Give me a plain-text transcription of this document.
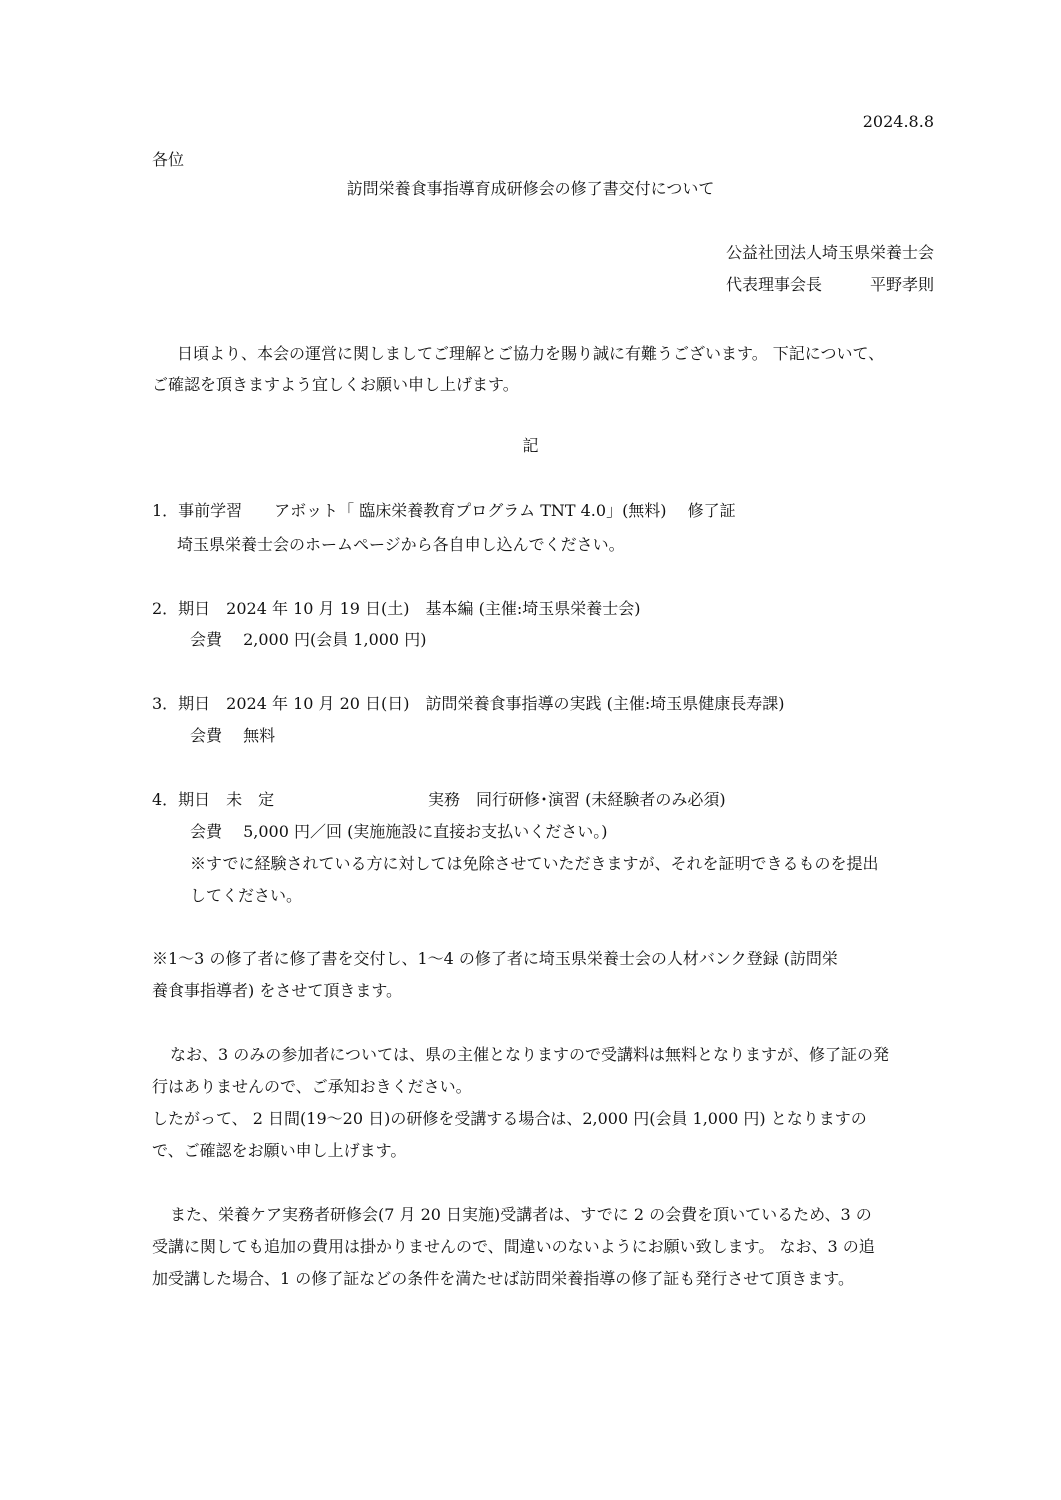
2024.8.8
各位
訪問栄養食事指導育成研修会の修了書交付について
公益社団法人埼玉県栄養士会
代表理事会長　　　平野孝則
日頃より、本会の運営に関しましてご理解とご協力を賜り誠に有難うございます。 下記について、
ご確認を頂きますよう宜しくお願い申し上げます。
記
1．事前学習　　アボット「 臨床栄養教育プログラム TNT 4.0」(無料)　 修了証
埼玉県栄養士会のホームページから各自申し込んでください。
2．期日　2024 年 10 月 19 日(土)　基本編 (主催:埼玉県栄養士会)
会費　 2,000 円(会員 1,000 円)
3．期日　2024 年 10 月 20 日(日)　訪問栄養食事指導の実践 (主催:埼玉県健康長寿課)
会費　 無料
4．期日　未　定	実務　同行研修･演習 (未経験者のみ必須)
会費　 5,000 円／回 (実施施設に直接お支払いください。)
※すでに経験されている方に対しては免除させていただきますが、それを証明できるものを提出
してください。
※1～3 の修了者に修了書を交付し、1～4 の修了者に埼玉県栄養士会の人材バンク登録 (訪問栄
養食事指導者) をさせて頂きます。
なお、3 のみの参加者については、県の主催となりますので受講料は無料となりますが、修了証の発
行はありませんので、ご承知おきください。
したがって、 2 日間(19～20 日)の研修を受講する場合は、2,000 円(会員 1,000 円) となりますの
で、ご確認をお願い申し上げます。
また、栄養ケア実務者研修会(7 月 20 日実施)受講者は、すでに 2 の会費を頂いているため、3 の
受講に関しても追加の費用は掛かりませんので、間違いのないようにお願い致します。 なお、3 の追
加受講した場合、1 の修了証などの条件を満たせば訪問栄養指導の修了証も発行させて頂きます。
